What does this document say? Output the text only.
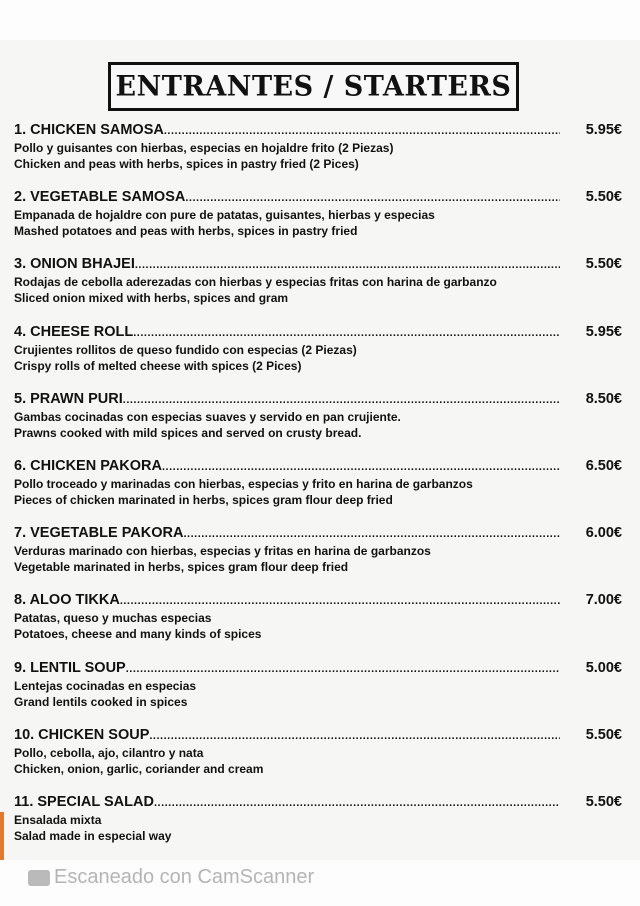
ENTRANTES / STARTERS
1. CHICKEN SAMOSA .....	5.95€
Pollo y guisantes con hierbas, especias en hojaldre frito (2 Piezas)
Chicken and peas with herbs, spices in pastry fried (2 Pices)
2. VEGETABLE SAMOSA .....	5.50€
Empanada de hojaldre con pure de patatas, guisantes, hierbas y especias
Mashed potatoes and peas with herbs, spices in pastry fried
3. ONION BHAJEI .....	5.50€
Rodajas de cebolla aderezadas con hierbas y especias fritas con harina de garbanzo
Sliced onion mixed with herbs, spices and gram
4. CHEESE ROLL .....	5.95€
Crujientes rollitos de queso fundido con especias (2 Piezas)
Crispy rolls of melted cheese with spices (2 Pices)
5. PRAWN PURI .....	8.50€
Gambas cocinadas con especias suaves y servido en pan crujiente.
Prawns cooked with mild spices and served on crusty bread.
6. CHICKEN PAKORA .....	6.50€
Pollo troceado y marinadas con hierbas, especias y frito en harina de garbanzos
Pieces of chicken marinated in herbs, spices gram flour deep fried
7. VEGETABLE PAKORA .....	6.00€
Verduras marinado con hierbas, especias y fritas en harina de garbanzos
Vegetable marinated in herbs, spices gram flour deep fried
8. ALOO TIKKA .....	7.00€
Patatas, queso y muchas especias
Potatoes, cheese and many kinds of spices
9. LENTIL SOUP .....	5.00€
Lentejas cocinadas en especias
Grand lentils cooked in spices
10. CHICKEN SOUP .....	5.50€
Pollo, cebolla, ajo, cilantro y nata
Chicken, onion, garlic, coriander and cream
11. SPECIAL SALAD .....	5.50€
Ensalada mixta
Salad made in especial way
Escaneado con CamScanner
